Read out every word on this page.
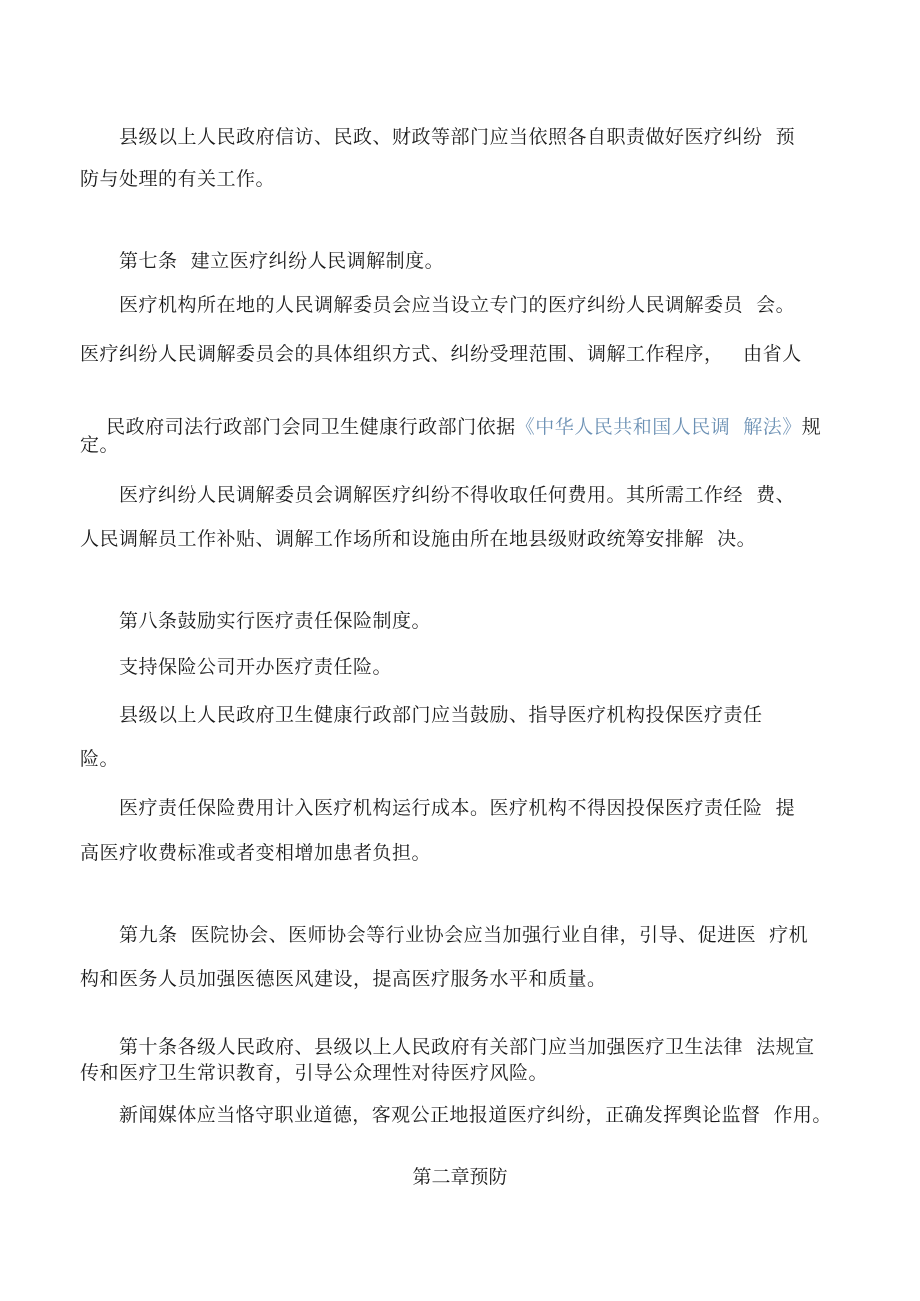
县级以上人民政府信访、民政、财政等部门应当依照各自职责做好医疗纠纷  预
防与处理的有关工作。
第七条  建立医疗纠纷人民调解制度。
医疗机构所在地的人民调解委员会应当设立专门的医疗纠纷人民调解委员  会。
医疗纠纷人民调解委员会的具体组织方式、纠纷受理范围、调解工作程序，   由省人

民政府司法行政部门会同卫生健康行政部门依据《中华人民共和国人民调  解法》规

定。
医疗纠纷人民调解委员会调解医疗纠纷不得收取任何费用。其所需工作经  费、
人民调解员工作补贴、调解工作场所和设施由所在地县级财政统筹安排解  决。
第八条鼓励实行医疗责任保险制度。
支持保险公司开办医疗责任险。
县级以上人民政府卫生健康行政部门应当鼓励、指导医疗机构投保医疗责任
险。
医疗责任保险费用计入医疗机构运行成本。医疗机构不得因投保医疗责任险  提
高医疗收费标准或者变相增加患者负担。
第九条  医院协会、医师协会等行业协会应当加强行业自律，引导、促进医  疗机
构和医务人员加强医德医风建设，提高医疗服务水平和质量。
第十条各级人民政府、县级以上人民政府有关部门应当加强医疗卫生法律  法规宣
传和医疗卫生常识教育，引导公众理性对待医疗风险。
新闻媒体应当恪守职业道德，客观公正地报道医疗纠纷，正确发挥舆论监督  作用。
第二章预防
